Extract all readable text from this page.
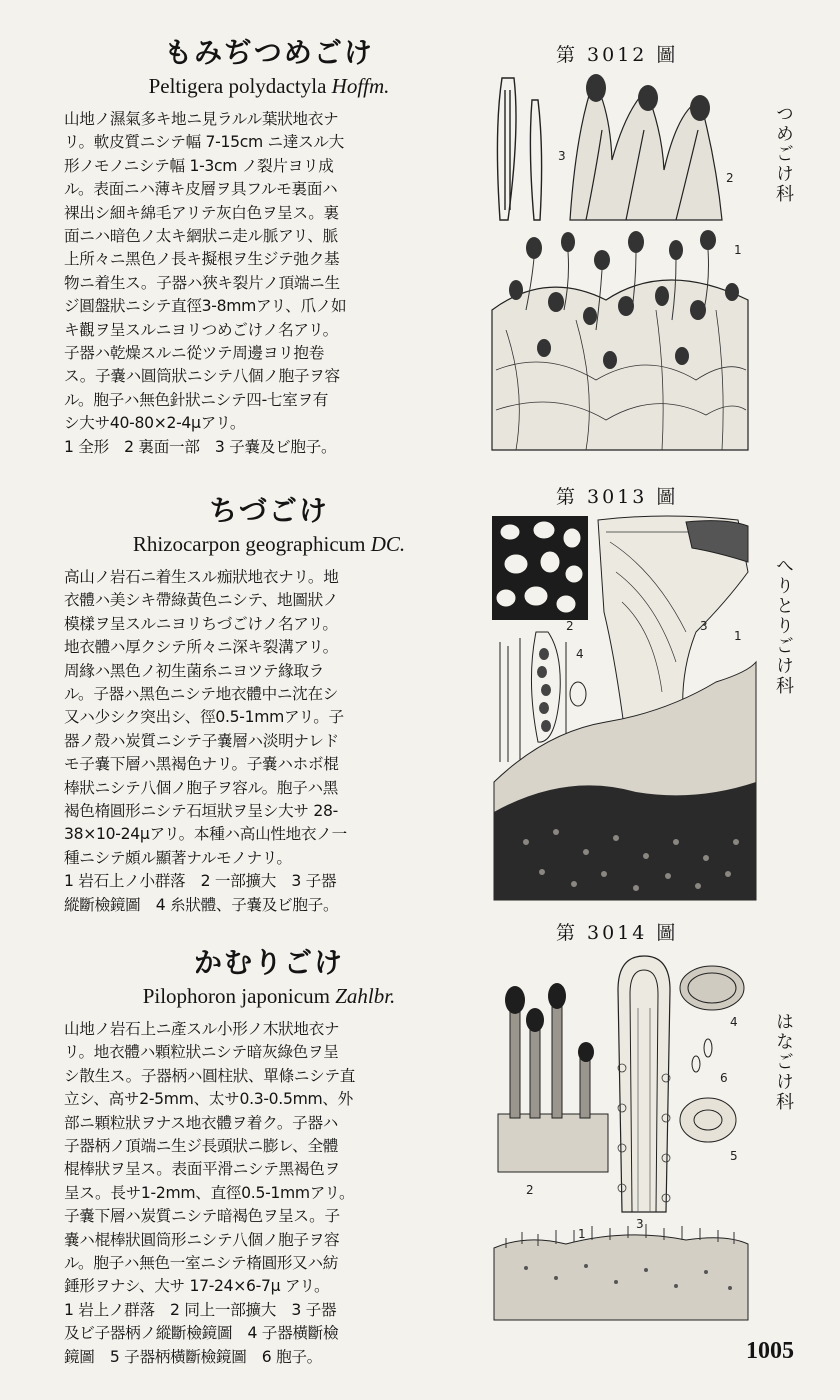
もみぢつめごけ
Peltigera polydactyla Hoffm.

山地ノ濕氣多キ地ニ見ラルル葉狀地衣ナ

リ。軟皮質ニシテ幅 7-15cm ニ達スル大

形ノモノニシテ幅 1-3cm ノ裂片ヨリ成

ル。表面ニハ薄キ皮層ヲ具フルモ裏面ハ

裸出シ細キ綿毛アリテ灰白色ヲ呈ス。裏

面ニハ暗色ノ太キ網狀ニ走ル脈アリ、脈

上所々ニ黑色ノ長キ擬根ヲ生ジテ弛ク基

物ニ着生ス。子器ハ狹キ裂片ノ頂端ニ生

ジ圓盤狀ニシテ直徑3-8mmアリ、爪ノ如

キ觀ヲ呈スルニヨリつめごけノ名アリ。

子器ハ乾燥スルニ從ツテ周邊ヨリ抱卷

ス。子嚢ハ圓筒狀ニシテ八個ノ胞子ヲ容

ル。胞子ハ無色針狀ニシテ四-七室ヲ有

シ大サ40-80×2-4μアリ。

1 全形　2 裏面一部　3 子嚢及ビ胞子。

第 3012 圖
つめごけ科
3
2
1
ちづごけ
Rhizocarpon geographicum DC.

高山ノ岩石ニ着生スル痂狀地衣ナリ。地

衣體ハ美シキ帶綠黃色ニシテ、地圖狀ノ

模樣ヲ呈スルニヨリちづごけノ名アリ。

地衣體ハ厚クシテ所々ニ深キ裂溝アリ。

周緣ハ黑色ノ初生菌糸ニヨツテ緣取ラ

ル。子器ハ黑色ニシテ地衣體中ニ沈在シ

又ハ少シク突出シ、徑0.5-1mmアリ。子

器ノ殼ハ炭質ニシテ子嚢層ハ淡明ナレド

モ子嚢下層ハ黑褐色ナリ。子嚢ハホボ棍

棒狀ニシテ八個ノ胞子ヲ容ル。胞子ハ黑

褐色楕圓形ニシテ石垣狀ヲ呈シ大サ 28-

38×10-24μアリ。本種ハ高山性地衣ノ一

種ニシテ頗ル顯著ナルモノナリ。

1 岩石上ノ小群落　2 一部擴大　3 子器

縱斷檢鏡圖　4 糸狀體、子嚢及ビ胞子。

第 3013 圖
へりとりごけ科
2	3
1
4
かむりごけ
Pilophoron japonicum Zahlbr.

山地ノ岩石上ニ產スル小形ノ木狀地衣ナ

リ。地衣體ハ顆粒狀ニシテ暗灰綠色ヲ呈

シ散生ス。子器柄ハ圓柱狀、單條ニシテ直

立シ、高サ2-5mm、太サ0.3-0.5mm、外

部ニ顆粒狀ヲナス地衣體ヲ着ク。子器ハ

子器柄ノ頂端ニ生ジ長頭狀ニ膨レ、全體

棍棒狀ヲ呈ス。表面平滑ニシテ黑褐色ヲ

呈ス。長サ1-2mm、直徑0.5-1mmアリ。

子嚢下層ハ炭質ニシテ暗褐色ヲ呈ス。子

嚢ハ棍棒狀圓筒形ニシテ八個ノ胞子ヲ容

ル。胞子ハ無色一室ニシテ楕圓形又ハ紡

錘形ヲナシ、大サ 17-24×6-7μ アリ。

1 岩上ノ群落　2 同上一部擴大　3 子器

及ビ子器柄ノ縱斷檢鏡圖　4 子器橫斷檢

鏡圖　5 子器柄橫斷檢鏡圖　6 胞子。

第 3014 圖
はなごけ科
2
3
1
4
5
6
1005
